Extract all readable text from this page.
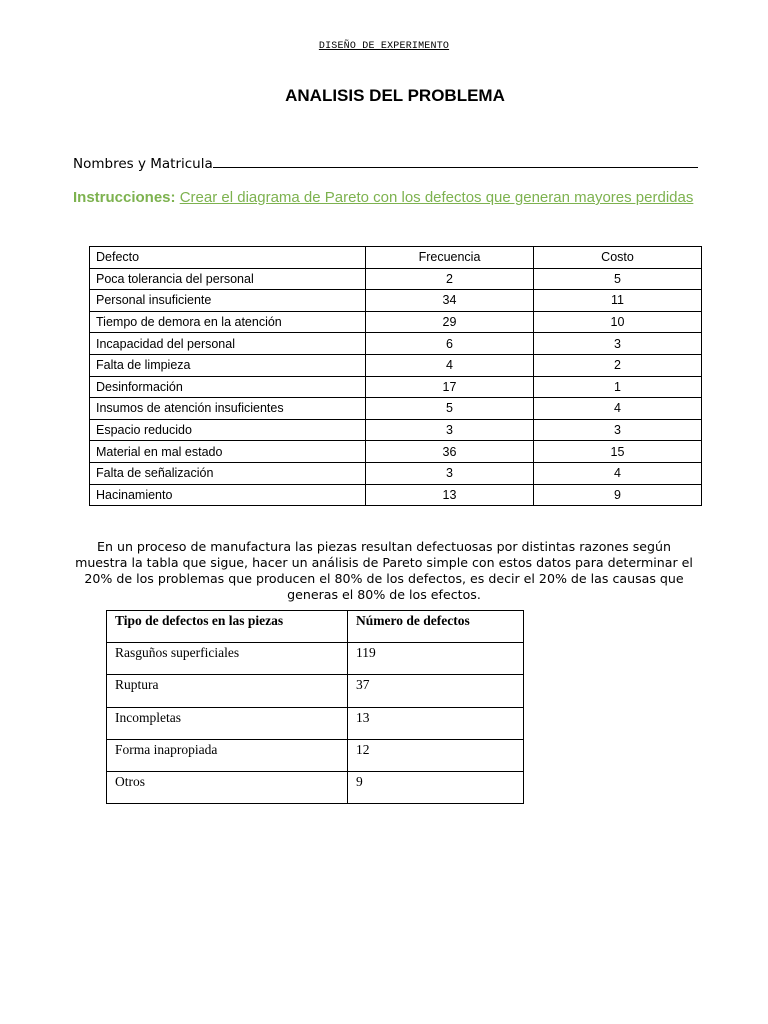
DISEÑO DE EXPERIMENTO
ANALISIS DEL PROBLEMA
Nombres y Matricula
Instrucciones: Crear el diagrama de Pareto con los defectos que generan mayores perdidas
Defecto	Frecuencia	Costo
Poca tolerancia del personal	2	5
Personal insuficiente	34	11
Tiempo de demora en la atención	29	10
Incapacidad del personal	6	3
Falta de limpieza	4	2
Desinformación	17	1
Insumos de atención insuficientes	5	4
Espacio reducido	3	3
Material en mal estado	36	15
Falta de señalización	3	4
Hacinamiento	13	9
En un proceso de manufactura las piezas resultan defectuosas por distintas razones según muestra la tabla que sigue, hacer un análisis de Pareto simple con estos datos para determinar el 20% de los problemas que producen el 80% de los defectos, es decir el 20% de las causas que generas el 80% de los efectos.
Tipo de defectos en las piezas	Número de defectos
Rasguños superficiales	119
Ruptura	37
Incompletas	13
Forma inapropiada	12
Otros	9
